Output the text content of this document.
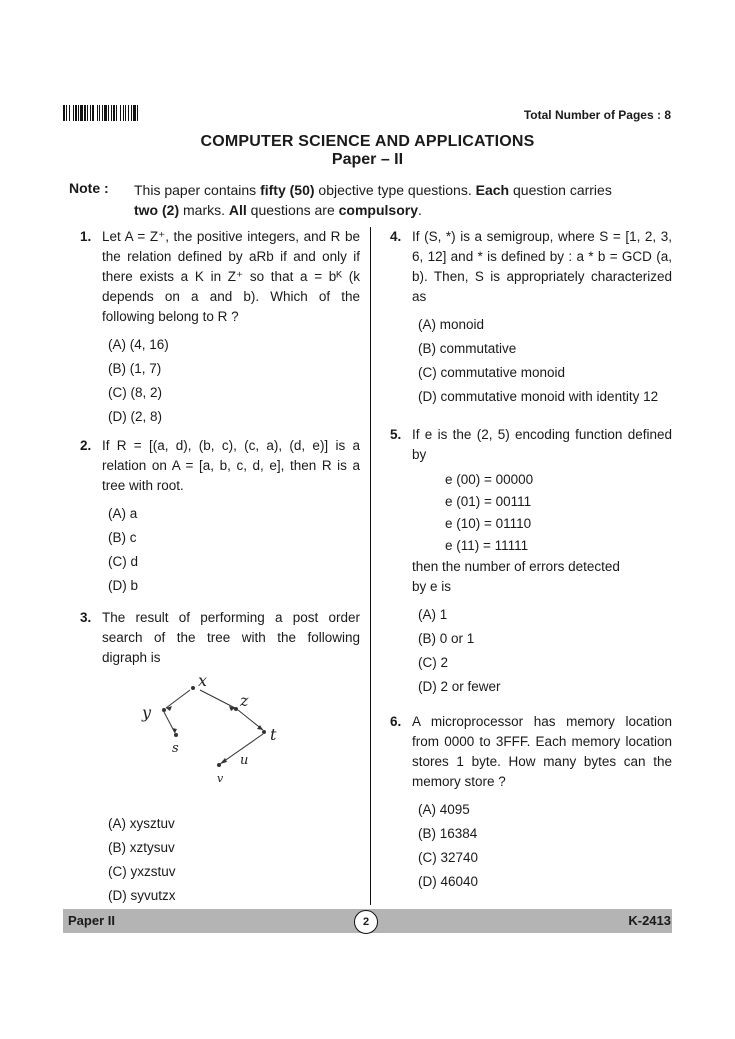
Total Number of Pages : 8
COMPUTER SCIENCE AND APPLICATIONS
Paper – II
Note : This paper contains fifty (50) objective type questions. Each question carries
two (2) marks. All questions are compulsory.
1. Let A = Z⁺, the positive integers, and R be the relation defined by aRb if and only if there exists a K in Z⁺ so that a = bᴷ (k depends on a and b). Which of the following belong to R ?
(A) (4, 16)
(B) (1, 7)
(C) (8, 2)
(D) (2, 8)
2. If R = [(a, d), (b, c), (c, a), (d, e)] is a relation on A = [a, b, c, d, e], then R is a tree with root.
(A) a
(B) c
(C) d
(D) b
3. The result of performing a post order search of the tree with the following digraph is
x
y
s
z
t
u
v
(A) xysztuv
(B) xztysuv
(C) yxzstuv
(D) syvutzx
4. If (S, *) is a semigroup, where S = [1, 2, 3, 6, 12] and * is defined by : a * b = GCD (a, b). Then, S is appropriately characterized as
(A) monoid
(B) commutative
(C) commutative monoid
(D) commutative monoid with identity 12
5. If e is the (2, 5) encoding function defined by
e (00) = 00000
e (01) = 00111
e (10) = 01110
e (11) = 11111
then the number of errors detected
by e is
(A) 1
(B) 0 or 1
(C) 2
(D) 2 or fewer
6. A microprocessor has memory location from 0000 to 3FFF. Each memory location stores 1 byte. How many bytes can the memory store ?
(A) 4095
(B) 16384
(C) 32740
(D) 46040
Paper II	2	K-2413
